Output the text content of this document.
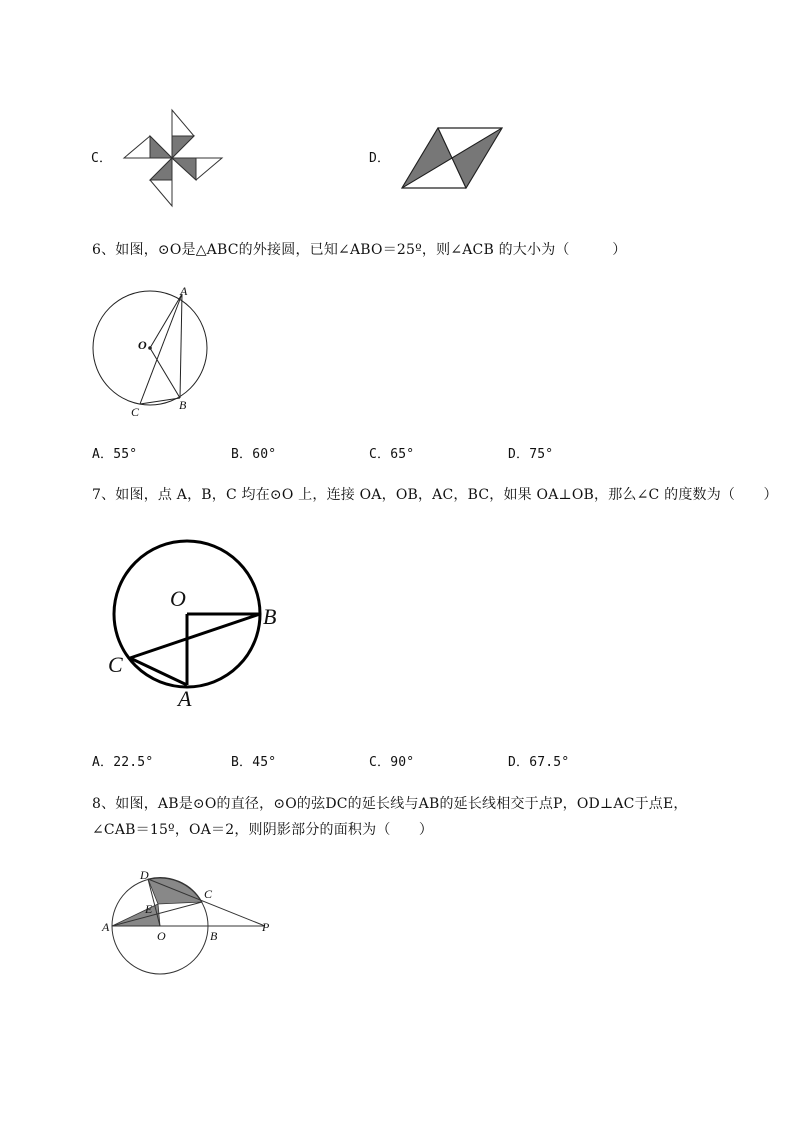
C．	D．
6、如图，⊙O是△ABC的外接圆，已知∠ABO＝25º，则∠ACB 的大小为（　　　）
A
O
B
C
A．55°	B．60°	C．65°	D．75°
7、如图，点 A，B，C 均在⊙O 上，连接 OA，OB，AC，BC，如果 OA⊥OB，那么∠C 的度数为（　　）
O
B
C
A
A．22.5°	B．45°	C．90°	D．67.5°
8、如图，AB是⊙O的直径，⊙O的弦DC的延长线与AB的延长线相交于点P，OD⊥AC于点E，
∠CAB＝15º，OA＝2，则阴影部分的面积为（　　）
D
C
E
A
O	B
P
